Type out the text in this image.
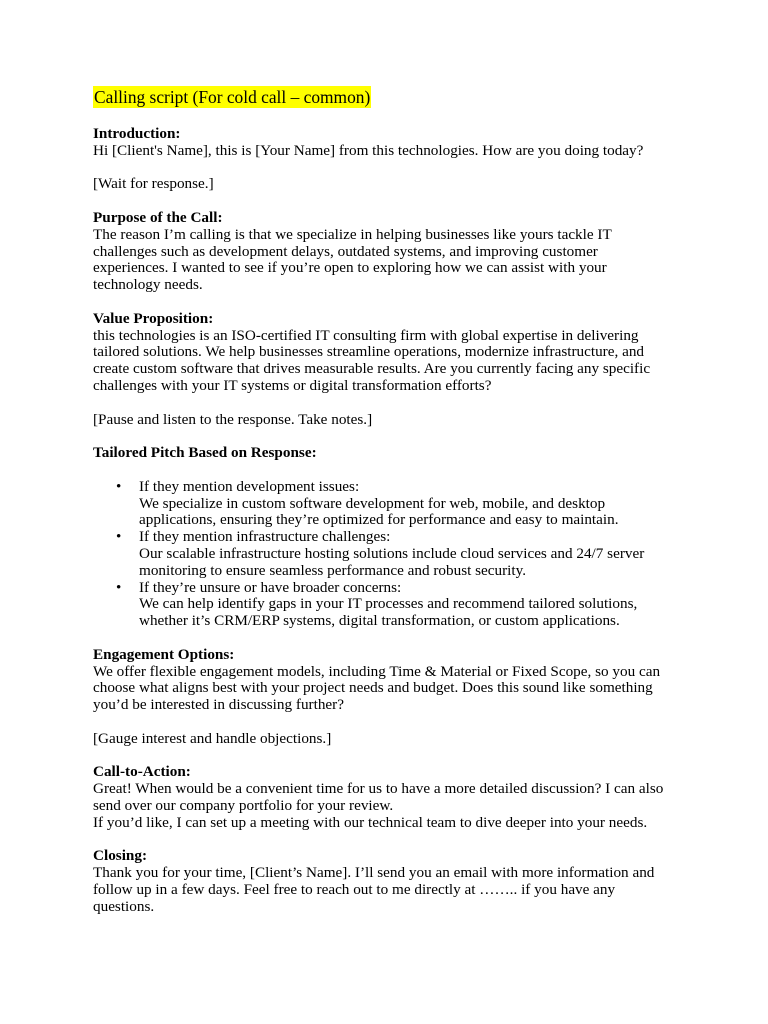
Calling script (For cold call – common)

Introduction:

Hi [Client's Name], this is [Your Name] from this technologies. How are you doing today?

[Wait for response.]

Purpose of the Call:

The reason I’m calling is that we specialize in helping businesses like yours tackle IT

challenges such as development delays, outdated systems, and improving customer

experiences. I wanted to see if you’re open to exploring how we can assist with your

technology needs.

Value Proposition:

this technologies is an ISO-certified IT consulting firm with global expertise in delivering

tailored solutions. We help businesses streamline operations, modernize infrastructure, and

create custom software that drives measurable results. Are you currently facing any specific

challenges with your IT systems or digital transformation efforts?

[Pause and listen to the response. Take notes.]

Tailored Pitch Based on Response:

• If they mention development issues:

We specialize in custom software development for web, mobile, and desktop

applications, ensuring they’re optimized for performance and easy to maintain.

• If they mention infrastructure challenges:

Our scalable infrastructure hosting solutions include cloud services and 24/7 server

monitoring to ensure seamless performance and robust security.

• If they’re unsure or have broader concerns:

We can help identify gaps in your IT processes and recommend tailored solutions,

whether it’s CRM/ERP systems, digital transformation, or custom applications.

Engagement Options:

We offer flexible engagement models, including Time & Material or Fixed Scope, so you can

choose what aligns best with your project needs and budget. Does this sound like something

you’d be interested in discussing further?

[Gauge interest and handle objections.]

Call-to-Action:

Great! When would be a convenient time for us to have a more detailed discussion? I can also

send over our company portfolio for your review.

If you’d like, I can set up a meeting with our technical team to dive deeper into your needs.

Closing:

Thank you for your time, [Client’s Name]. I’ll send you an email with more information and

follow up in a few days. Feel free to reach out to me directly at …….. if you have any

questions.
